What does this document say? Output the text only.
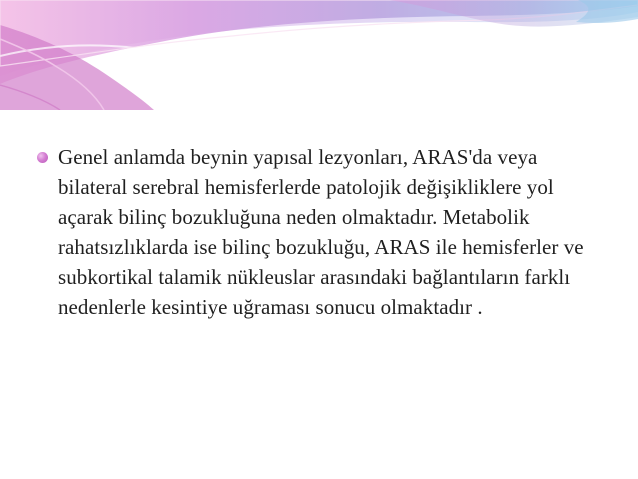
Genel anlamda beynin yapısal lezyonları, ARAS'da veya bilateral serebral hemisferlerde patolojik değişikliklere yol açarak bilinç bozukluğuna neden olmaktadır. Metabolik rahatsızlıklarda ise bilinç bozukluğu, ARAS ile hemisferler ve subkortikal talamik nükleuslar arasındaki bağlantıların farklı nedenlerle kesintiye uğraması sonucu olmaktadır .
